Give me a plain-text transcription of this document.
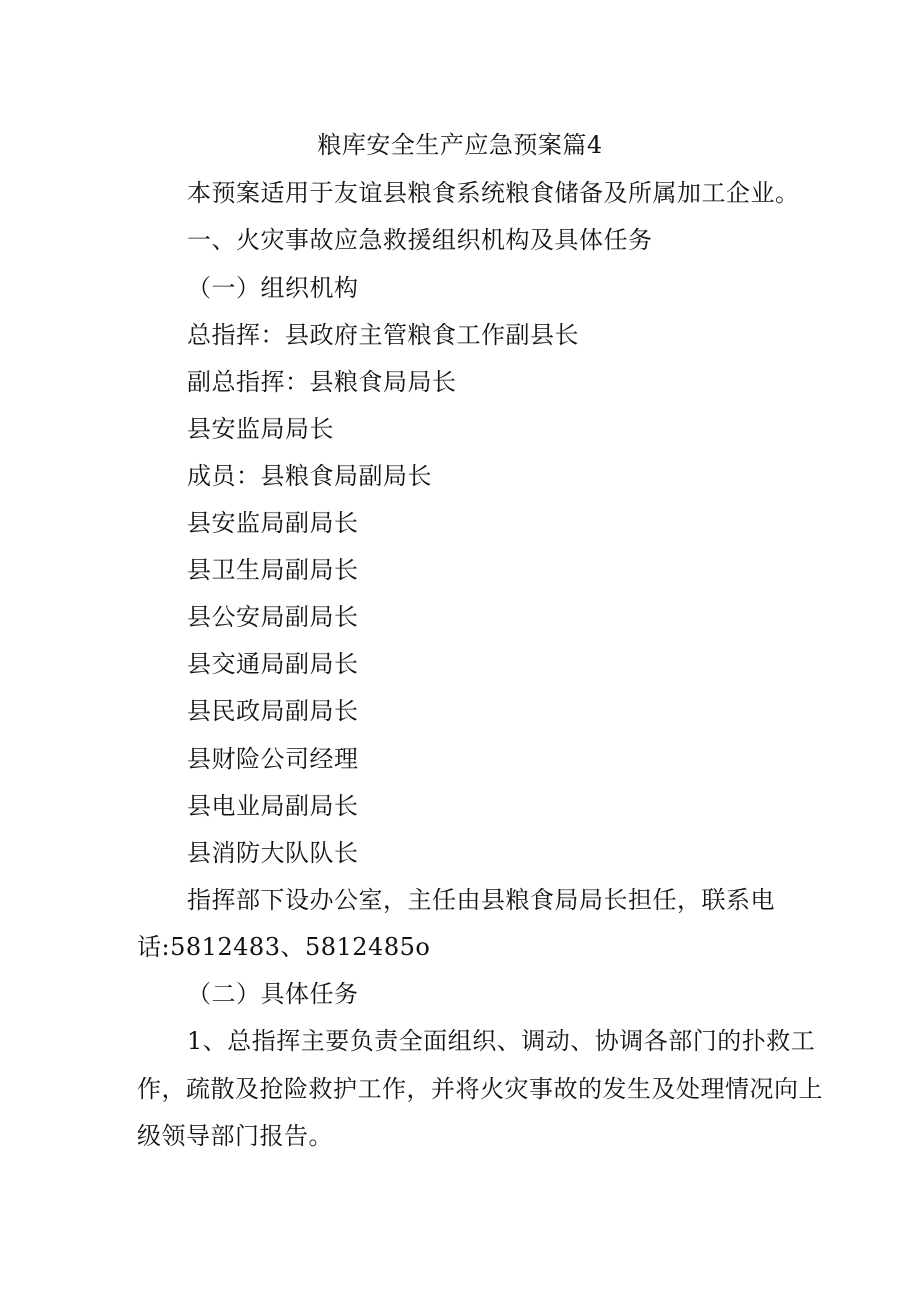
粮库安全生产应急预案篇4
本预案适用于友谊县粮食系统粮食储备及所属加工企业。
一、火灾事故应急救援组织机构及具体任务
（一）组织机构
总指挥：县政府主管粮食工作副县长
副总指挥：县粮食局局长
县安监局局长
成员：县粮食局副局长
县安监局副局长
县卫生局副局长
县公安局副局长
县交通局副局长
县民政局副局长
县财险公司经理
县电业局副局长
县消防大队队长
指挥部下设办公室，主任由县粮食局局长担任，联系电
话:5812483、5812485o
（二）具体任务
1、总指挥主要负责全面组织、调动、协调各部门的扑救工
作，疏散及抢险救护工作，并将火灾事故的发生及处理情况向上
级领导部门报告。
